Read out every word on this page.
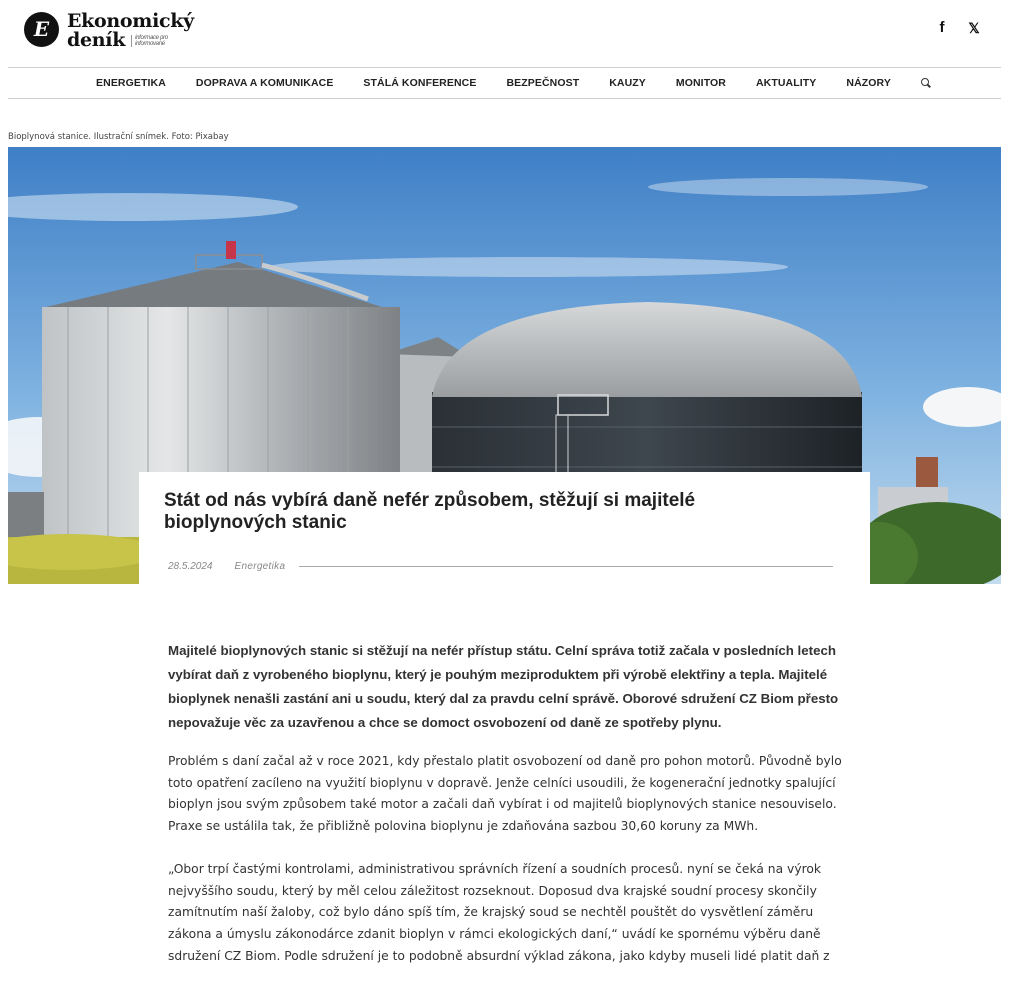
E Ekonomický
deník	informace pro informované
f 𝕏
ENERGETIKA	DOPRAVA A KOMUNIKACE	STÁLÁ KONFERENCE	BEZPEČNOST	KAUZY	MONITOR	AKTUALITY	NÁZORY
Bioplynová stanice. Ilustrační snímek. Foto: Pixabay
Stát od nás vybírá daně nefér způsobem, stěžují si majitelé bioplynových stanic
28.5.2024 Energetika

Majitelé bioplynových stanic si stěžují na nefér přístup státu. Celní správa totiž začala v posledních letech vybírat daň z vyrobeného bioplynu, který je pouhým meziproduktem při výrobě elektřiny a tepla. Majitelé bioplynek nenašli zastání ani u soudu, který dal za pravdu celní správě. Oborové sdružení CZ Biom přesto nepovažuje věc za uzavřenou a chce se domoct osvobození od daně ze spotřeby plynu.

Problém s daní začal až v roce 2021, kdy přestalo platit osvobození od daně pro pohon motorů. Původně bylo toto opatření zacíleno na využití bioplynu v dopravě. Jenže celníci usoudili, že kogenerační jednotky spalující bioplyn jsou svým způsobem také motor a začali daň vybírat i od majitelů bioplynových stanice nesouviselo. Praxe se ustálila tak, že přibližně polovina bioplynu je zdaňována sazbou 30,60 koruny za MWh.

„Obor trpí častými kontrolami, administrativou správních řízení a soudních procesů. nyní se čeká na výrok nejvyššího soudu, který by měl celou záležitost rozseknout. Doposud dva krajské soudní procesy skončily zamítnutím naší žaloby, což bylo dáno spíš tím, že krajský soud se nechtěl pouštět do vysvětlení záměru zákona a úmyslu zákonodárce zdanit bioplyn v rámci ekologických daní,“ uvádí ke spornému výběru daně sdružení CZ Biom. Podle sdružení je to podobně absurdní výklad zákona, jako kdyby museli lidé platit daň z
